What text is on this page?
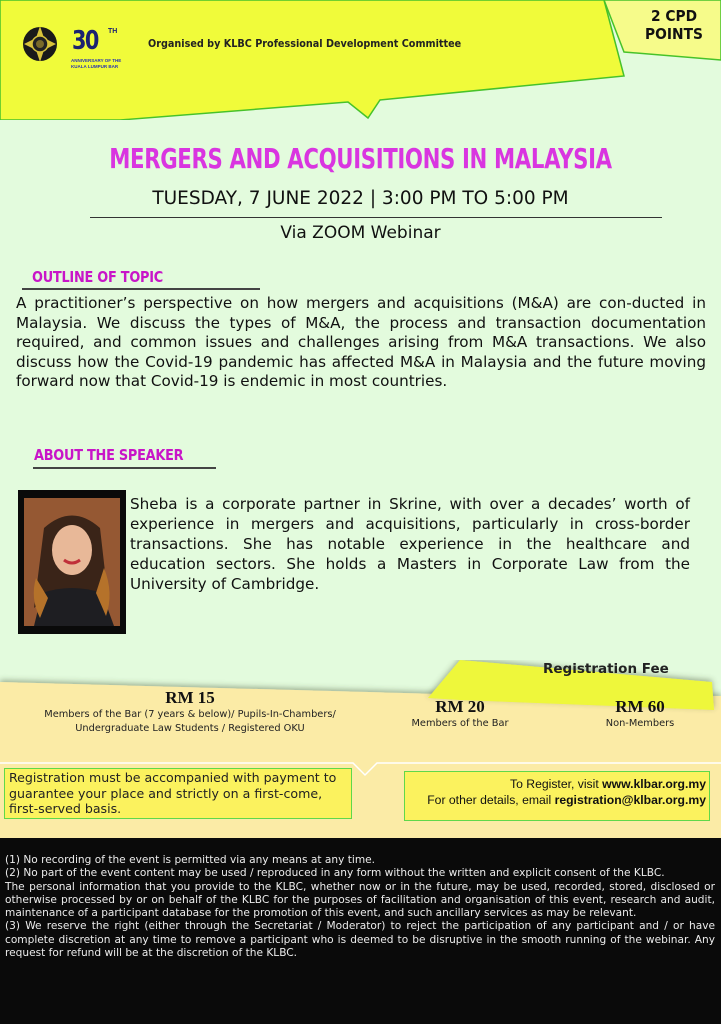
30 TH
ANNIVERSARY OF THE
KUALA LUMPUR BAR
Organised by KLBC Professional Development Committee
2 CPD
POINTS
MERGERS AND ACQUISITIONS IN MALAYSIA
TUESDAY, 7 JUNE 2022 | 3:00 PM TO 5:00 PM
Via ZOOM Webinar
OUTLINE OF TOPIC
A practitioner’s perspective on how mergers and acquisitions (M&A) are con-ducted in Malaysia. We discuss the types of M&A, the process and transaction documentation required, and common issues and challenges arising from M&A transactions. We also discuss how the Covid-19 pandemic has affected M&A in Malaysia and the future moving forward now that Covid-19 is endemic in most countries.
ABOUT THE SPEAKER
Sheba is a corporate partner in Skrine, with over a decades’ worth of experience in mergers and acquisitions, particularly in cross-border transactions. She has notable experience in the healthcare and education sectors. She holds a Masters in Corporate Law from the University of Cambridge.
Registration Fee
RM 15
Members of the Bar (7 years & below)/ Pupils-In-Chambers/
Undergraduate Law Students / Registered OKU
RM 20
Members of the Bar
RM 60
Non-Members
Registration must be accompanied with payment to guarantee your place and strictly on a first-come, first-served basis.
To Register, visit www.klbar.org.my
For other details, email registration@klbar.org.my

(1) No recording of the event is permitted via any means at any time.

(2) No part of the event content may be used / reproduced in any form without the written and explicit consent of the KLBC.

The personal information that you provide to the KLBC, whether now or in the future, may be used, recorded, stored, disclosed or otherwise processed by or on behalf of the KLBC for the purposes of facilitation and organisation of this event, research and audit, maintenance of a participant database for the promotion of this event, and such ancillary services as may be relevant.

(3) We reserve the right (either through the Secretariat / Moderator) to reject the participation of any participant and / or have complete discretion at any time to remove a participant who is deemed to be disruptive in the smooth running of the webinar. Any request for refund will be at the discretion of the KLBC.
